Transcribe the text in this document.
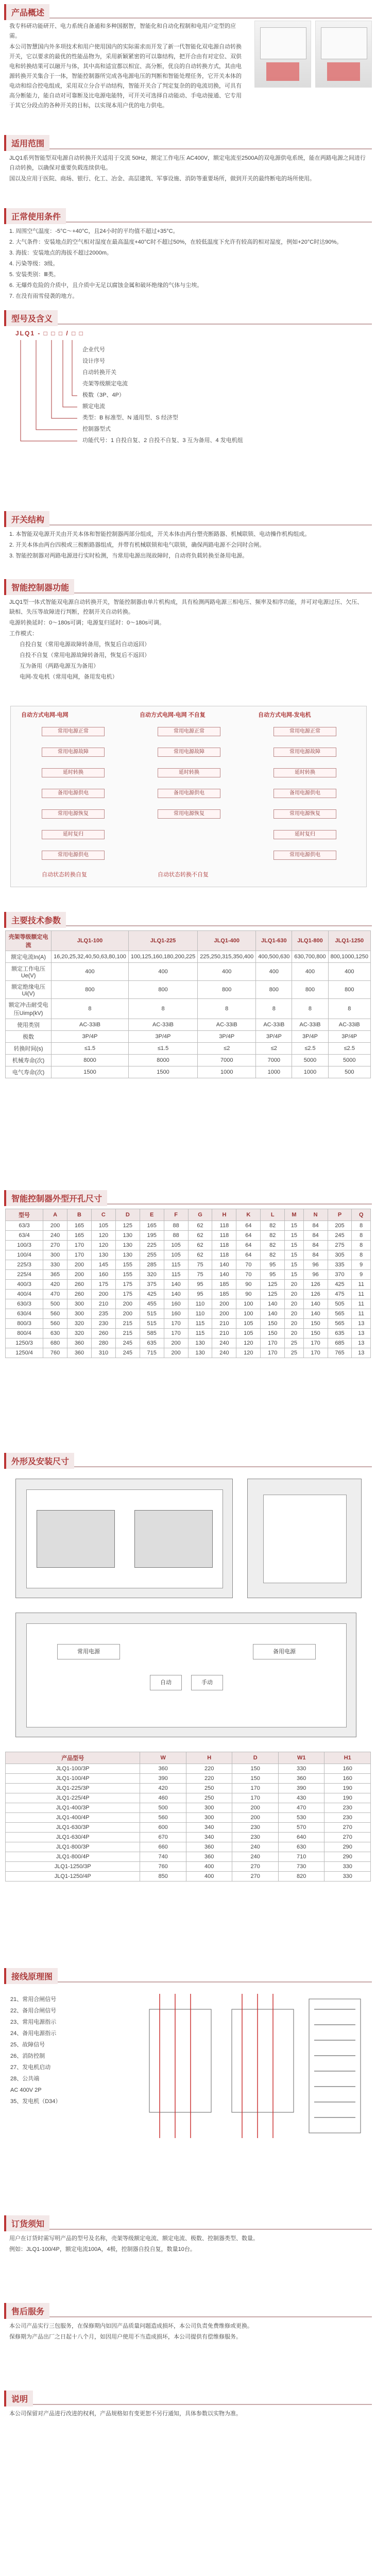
产品概述

我专科研功能研开、电力系统自备通和多种国据智，智能化和自动化程制和电用户定型的应需。

本公司智慧国内外多项技术和用户使用国内的实际需求而开发了新一代智能化双电源自动转换开关，它以要求的最优的性能品物为，采用新颖紧密的可以靠结构，把开合由有对定位、双供电和转换结果可以融开与体，其中高和适宜都以相宜、高分断，优良的自动转换方式，其由电源转换开关集合于一体，智能控制器所完成各电源电压的判断和智能处理任务，它开关本体的电动和综合控电组成，采用双立分合平动结构，智能开关合了判定复杂的的电流切换，可具有高分断能力，能自动对可靠断及比电源电能特，可开关可选择自动能动、手电动接通、它专用于其它分段点的各种开关的目标，以实现本用户优的电力供电。

适用范围

JLQ1系列智能型双电源自动转换开关适用于交流 50Hz，额定工作电压 AC400V，额定电流至2500A的双电源供电系统，能在两路电源之间进行自动转换，以确保对重要负载连续供电。

国以及应用于医院、商场、银行、化工、冶金、高层建筑、军事设施、消防等重要场所，做到开关的最终断电的场所使用。

正常使用条件

1. 周围空气温度：-5°C～+40°C，且24小时的平均值不超过+35°C。

2. 大气条件：安装地点的空气相对湿度在最高温度+40°C时不超过50%，在较低温度下允许有较高的相对湿度，例如+20°C时达90%。

3. 海拔：安装地点的海拔不超过2000m。

4. 污染等级：3级。

5. 安装类别：Ⅲ类。

6. 无爆炸危险的介质中，且介质中无足以腐蚀金属和破坏绝缘的气体与尘埃。

7. 在没有雨雪侵袭的地方。

型号及含义
JLQ1 - □ □ □ / □ □
企业代号
设计序号
自动转换开关
壳架等级额定电流
极数（3P、4P）
额定电流
类型：B 标准型、N 通用型、S 经济型
控制器型式
功能代号：1 自投自复、2 自投不自复、3 互为备用、4 发电机组
开关结构

1. 本智能双电源开关由开关本体和智能控制器两部分组成，开关本体由两台塑壳断路器、机械联锁、电动操作机构组成。

2. 开关本体由两台四极或三极断路器组成，并带有机械联锁和电气联锁，确保两路电源不会同时合闸。

3. 智能控制器对两路电源进行实时检测，当常用电源出现故障时，自动将负载转换至备用电源。

智能控制器功能

JLQ1型一体式智能双电源自动转换开关，智能控制器由单片机构成，具有检测两路电源三相电压、频率及相序功能，并可对电源过压、欠压、缺相、失压等故障进行判断，控制开关自动转换。

电源转换延时：0～180s可调；电源复归延时：0～180s可调。

工作模式：

自投自复（常用电源故障转备用，恢复后自动返回）

自投不自复（常用电源故障转备用，恢复后不返回）

互为备用（两路电源互为备用）

电网-发电机（常用电网，备用发电机）

自动方式电网-电网	自动方式电网-电网 不自复	自动方式电网-发电机
常用电源正常
常用电源故障
延时转换
备用电源供电
常用电源恢复
延时复归
常用电源供电
常用电源正常
常用电源故障
延时转换
备用电源供电
常用电源恢复
常用电源正常
常用电源故障
延时转换
备用电源供电
常用电源恢复
延时复归
常用电源供电
自动状态转换自复	自动状态转换不自复
主要技术参数
壳架等级额定电流	JLQ1-100	JLQ1-225	JLQ1-400	JLQ1-630	JLQ1-800	JLQ1-1250
额定电流In(A)	16,20,25,32,40,50,63,80,100	100,125,160,180,200,225	225,250,315,350,400	400,500,630	630,700,800	800,1000,1250
额定工作电压Ue(V)	400	400	400	400	400	400
额定绝缘电压Ui(V)	800	800	800	800	800	800
额定冲击耐受电压Uimp(kV)	8	8	8	8	8	8
使用类别	AC-33iB	AC-33iB	AC-33iB	AC-33iB	AC-33iB	AC-33iB
极数	3P/4P	3P/4P	3P/4P	3P/4P	3P/4P	3P/4P
转换时间(s)	≤1.5	≤1.5	≤2	≤2	≤2.5	≤2.5
机械寿命(次)	8000	8000	7000	7000	5000	5000
电气寿命(次)	1500	1500	1000	1000	1000	500
智能控制器外型开孔尺寸
型号	A	B	C	D	E	F	G	H	K	L	M	N	P	Q
63/3	200	165	105	125	165	88	62	118	64	82	15	84	205	8
63/4	240	165	120	130	195	88	62	118	64	82	15	84	245	8
100/3	270	170	120	130	225	105	62	118	64	82	15	84	275	8
100/4	300	170	130	130	255	105	62	118	64	82	15	84	305	8
225/3	330	200	145	155	285	115	75	140	70	95	15	96	335	9
225/4	365	200	160	155	320	115	75	140	70	95	15	96	370	9
400/3	420	260	175	175	375	140	95	185	90	125	20	126	425	11
400/4	470	260	200	175	425	140	95	185	90	125	20	126	475	11
630/3	500	300	210	200	455	160	110	200	100	140	20	140	505	11
630/4	560	300	235	200	515	160	110	200	100	140	20	140	565	11
800/3	560	320	230	215	515	170	115	210	105	150	20	150	565	13
800/4	630	320	260	215	585	170	115	210	105	150	20	150	635	13
1250/3	680	360	280	245	635	200	130	240	120	170	25	170	685	13
1250/4	760	360	310	245	715	200	130	240	120	170	25	170	765	13
外形及安装尺寸
常用电源	备用电源
自动	手动
产品型号	W	H	D	W1	H1
JLQ1-100/3P	360	220	150	330	160
JLQ1-100/4P	390	220	150	360	160
JLQ1-225/3P	420	250	170	390	190
JLQ1-225/4P	460	250	170	430	190
JLQ1-400/3P	500	300	200	470	230
JLQ1-400/4P	560	300	200	530	230
JLQ1-630/3P	600	340	230	570	270
JLQ1-630/4P	670	340	230	640	270
JLQ1-800/3P	660	360	240	630	290
JLQ1-800/4P	740	360	240	710	290
JLQ1-1250/3P	760	400	270	730	330
JLQ1-1250/4P	850	400	270	820	330
接线原理图
21、常用合闸信号
22、备用合闸信号
23、常用电源指示
24、备用电源指示
25、故障信号
26、消防控制
27、发电机启动
28、公共端
AC 400V 2P
35、发电机（D34）
订货须知

用户在订货时需写明产品的型号及名称，壳架等级额定电流、额定电流、极数、控制器类型、数量。

例如：JLQ1-100/4P，额定电流100A，4极，控制器自投自复，数量10台。

售后服务

本公司产品实行三包服务，在保修期内如因产品质量问题造成损坏，本公司负责免费维修或更换。

保修期为产品出厂之日起十八个月，如因用户使用不当造成损坏，本公司提供有偿维修服务。

说明

本公司保留对产品进行改进的权利，产品规格如有变更恕不另行通知，具体参数以实物为准。
